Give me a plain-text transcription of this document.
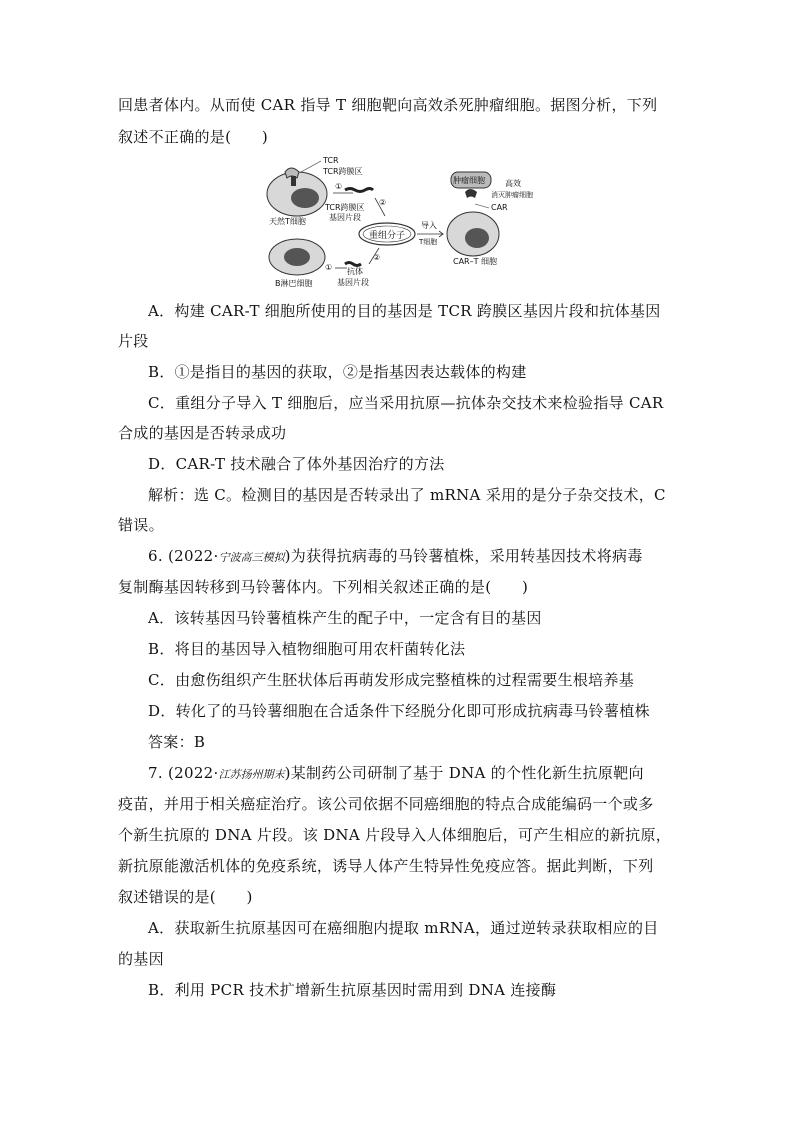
回患者体内。从而使 CAR 指导 T 细胞靶向高效杀死肿瘤细胞。据图分析，下列
叙述不正确的是(　　)
TCR
TCR跨膜区
①
TCR跨膜区
基因片段
天然T细胞
②
重组分子
导入
T细胞
B淋巴细胞
① 抗体
基因片段
②
肿瘤细胞	高效
消灭肿瘤细胞
CAR
CAR–T 细胞
A．构建 CAR-T 细胞所使用的目的基因是 TCR 跨膜区基因片段和抗体基因
片段
B．①是指目的基因的获取，②是指基因表达载体的构建
C．重组分子导入 T 细胞后，应当采用抗原—抗体杂交技术来检验指导 CAR
合成的基因是否转录成功
D．CAR-T 技术融合了体外基因治疗的方法
解析：选 C。检测目的基因是否转录出了 mRNA 采用的是分子杂交技术，C
错误。
6. (2022·宁波高三模拟)为获得抗病毒的马铃薯植株，采用转基因技术将病毒
复制酶基因转移到马铃薯体内。下列相关叙述正确的是(　　)
A．该转基因马铃薯植株产生的配子中，一定含有目的基因
B．将目的基因导入植物细胞可用农杆菌转化法
C．由愈伤组织产生胚状体后再萌发形成完整植株的过程需要生根培养基
D．转化了的马铃薯细胞在合适条件下经脱分化即可形成抗病毒马铃薯植株
答案：B
7. (2022·江苏扬州期末)某制药公司研制了基于 DNA 的个性化新生抗原靶向
疫苗，并用于相关癌症治疗。该公司依据不同癌细胞的特点合成能编码一个或多
个新生抗原的 DNA 片段。该 DNA 片段导入人体细胞后，可产生相应的新抗原，
新抗原能激活机体的免疫系统，诱导人体产生特异性免疫应答。据此判断，下列
叙述错误的是(　　)
A．获取新生抗原基因可在癌细胞内提取 mRNA，通过逆转录获取相应的目
的基因
B．利用 PCR 技术扩增新生抗原基因时需用到 DNA 连接酶
